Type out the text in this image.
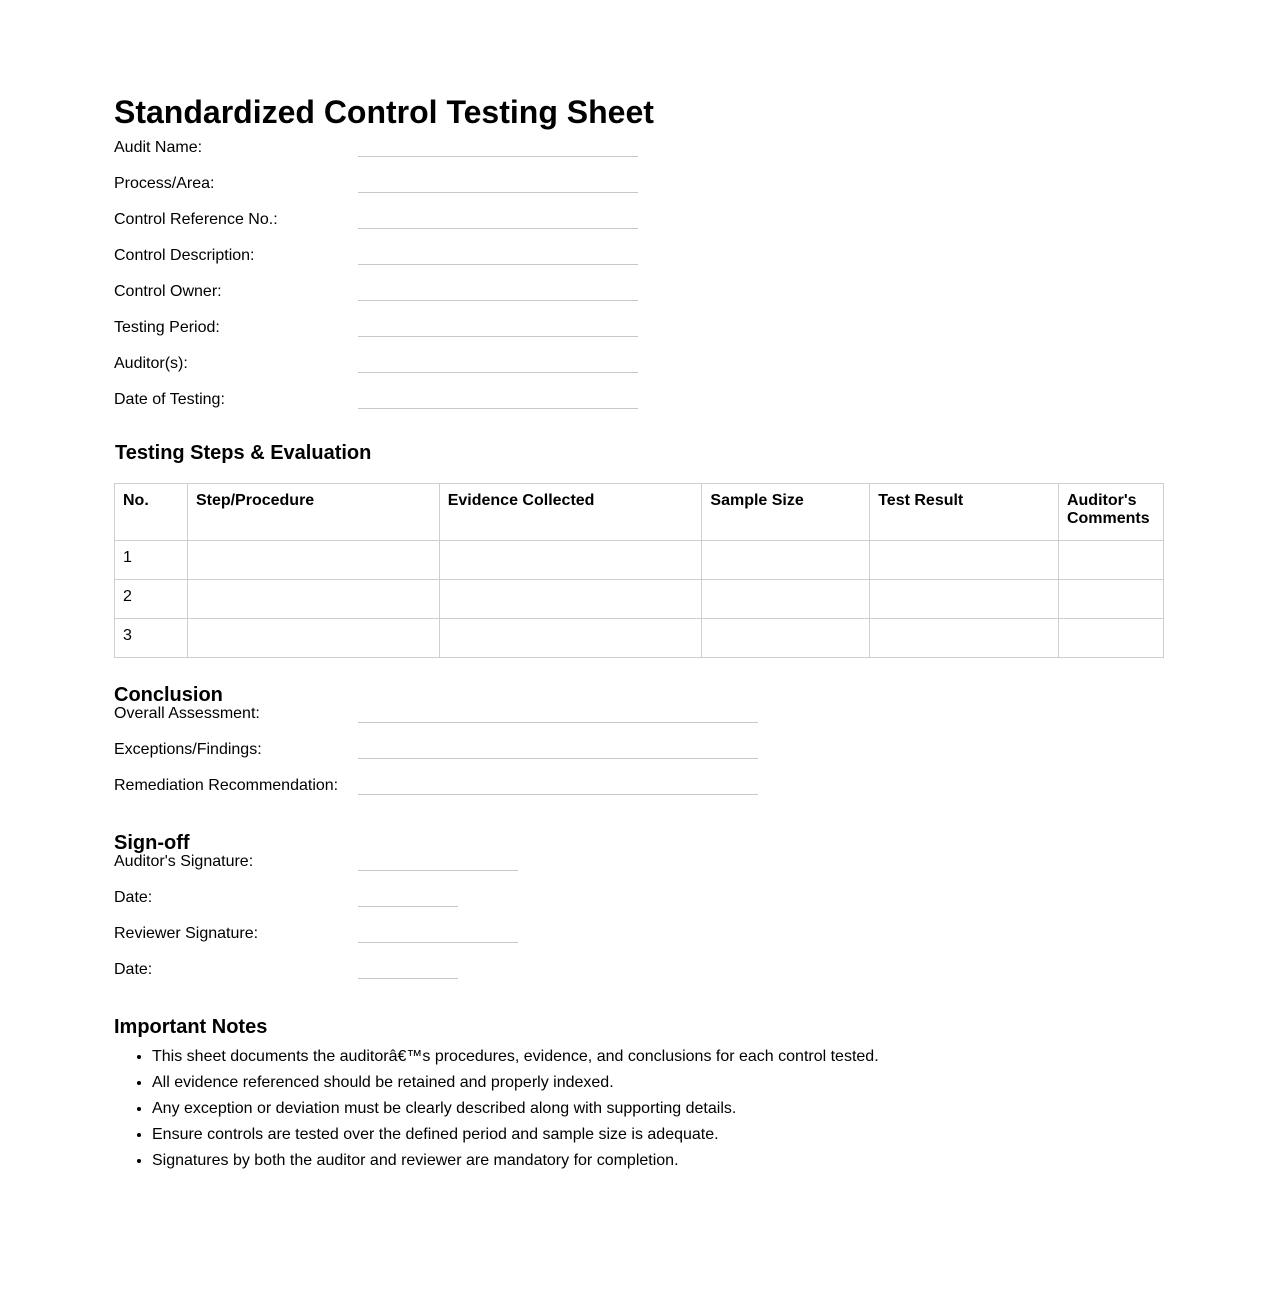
Standardized Control Testing Sheet
Audit Name:
Process/Area:
Control Reference No.:
Control Description:
Control Owner:
Testing Period:
Auditor(s):
Date of Testing:
Testing Steps & Evaluation
No.	Step/Procedure	Evidence Collected	Sample Size	Test Result	Auditor's Comments
1					
2					
3					
Conclusion
Overall Assessment:
Exceptions/Findings:
Remediation Recommendation:
Sign-off
Auditor's Signature:
Date:
Reviewer Signature:
Date:
Important Notes
• This sheet documents the auditorâ€™s procedures, evidence, and conclusions for each control tested.
• All evidence referenced should be retained and properly indexed.
• Any exception or deviation must be clearly described along with supporting details.
• Ensure controls are tested over the defined period and sample size is adequate.
• Signatures by both the auditor and reviewer are mandatory for completion.
